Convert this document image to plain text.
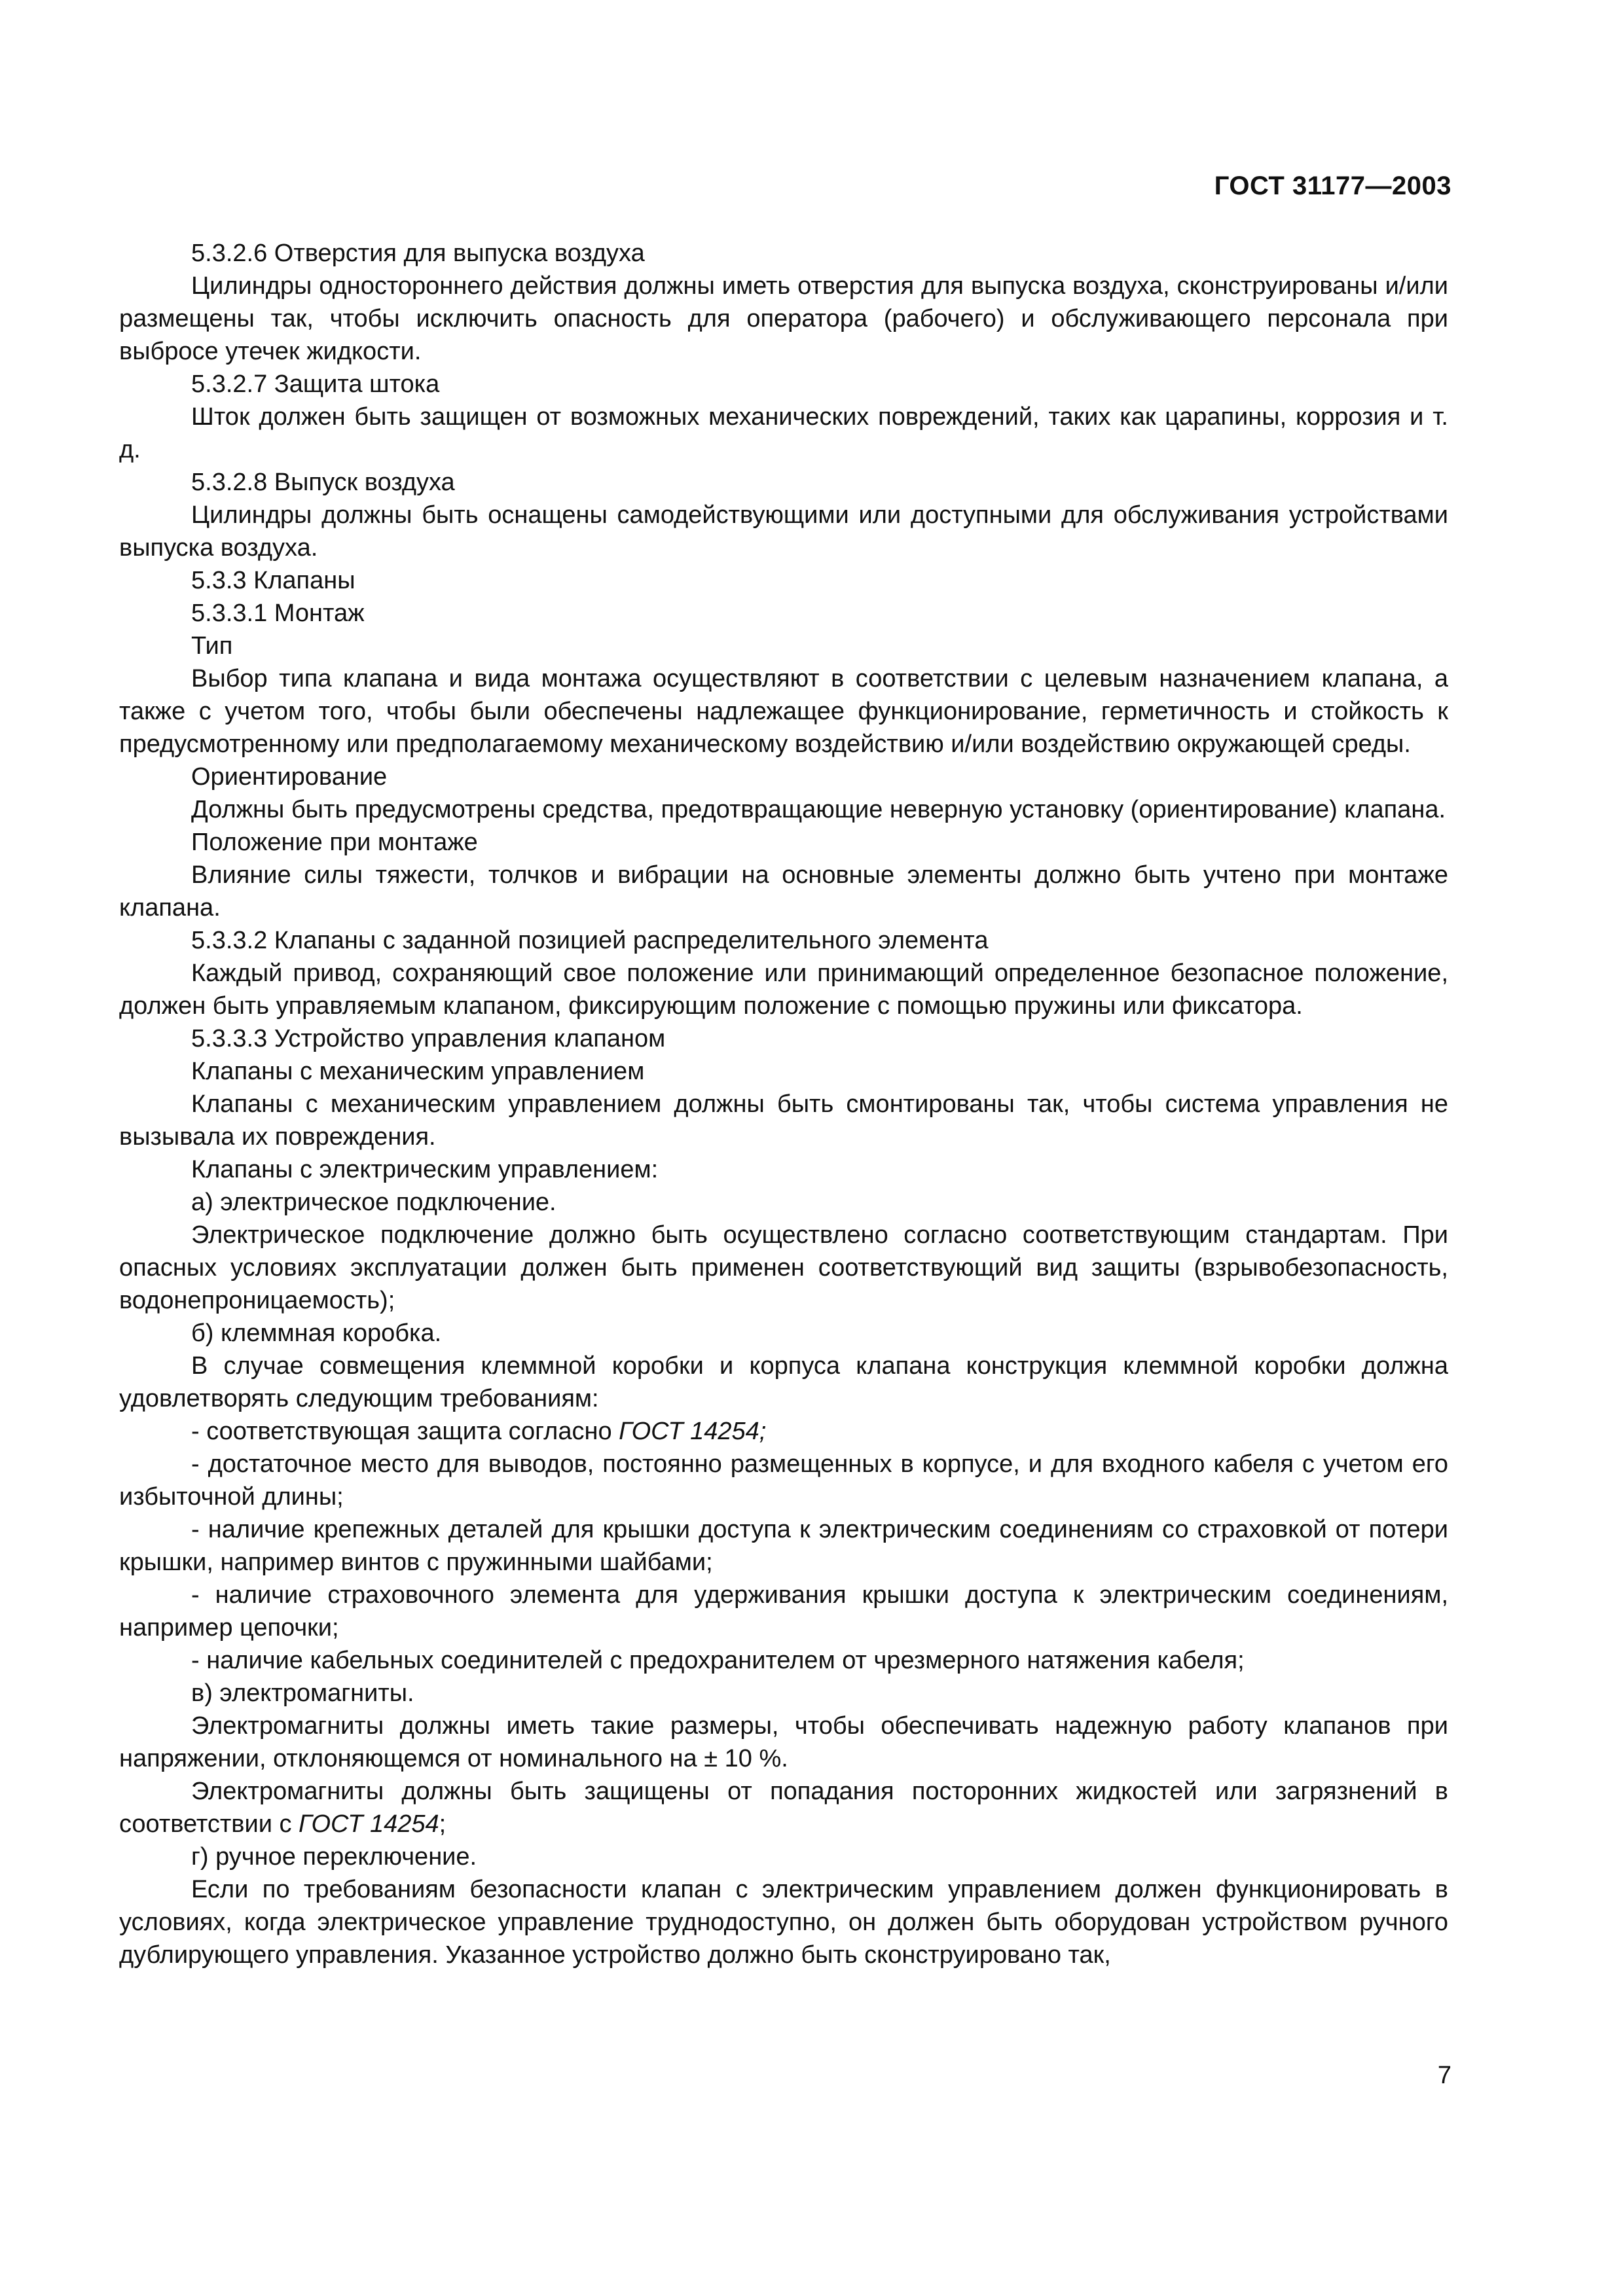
ГОСТ 31177—2003

5.3.2.6 Отверстия для выпуска воздуха

Цилиндры одностороннего действия должны иметь отверстия для выпуска воздуха, сконструированы и/или размещены так, чтобы исключить опасность для оператора (рабочего) и обслуживающего персонала при выбросе утечек жидкости.

5.3.2.7 Защита штока

Шток должен быть защищен от возможных механических повреждений, таких как царапины, коррозия и т. д.

5.3.2.8 Выпуск воздуха

Цилиндры должны быть оснащены самодействующими или доступными для обслуживания устройствами выпуска воздуха.

5.3.3 Клапаны

5.3.3.1 Монтаж

Тип

Выбор типа клапана и вида монтажа осуществляют в соответствии с целевым назначением клапана, а также с учетом того, чтобы были обеспечены надлежащее функционирование, герметичность и стойкость к предусмотренному или предполагаемому механическому воздействию и/или воздействию окружающей среды.

Ориентирование

Должны быть предусмотрены средства, предотвращающие неверную установку (ориентирование) клапана.

Положение при монтаже

Влияние силы тяжести, толчков и вибрации на основные элементы должно быть учтено при монтаже клапана.

5.3.3.2 Клапаны с заданной позицией распределительного элемента

Каждый привод, сохраняющий свое положение или принимающий определенное безопасное положение, должен быть управляемым клапаном, фиксирующим положение с помощью пружины или фиксатора.

5.3.3.3 Устройство управления клапаном

Клапаны с механическим управлением

Клапаны с механическим управлением должны быть смонтированы так, чтобы система управления не вызывала их повреждения.

Клапаны с электрическим управлением:

а) электрическое подключение.

Электрическое подключение должно быть осуществлено согласно соответствующим стандартам. При опасных условиях эксплуатации должен быть применен соответствующий вид защиты (взрывобезопасность, водонепроницаемость);

б) клеммная коробка.

В случае совмещения клеммной коробки и корпуса клапана конструкция клеммной коробки должна удовлетворять следующим требованиям:

- соответствующая защита согласно ГОСТ 14254;

- достаточное место для выводов, постоянно размещенных в корпусе, и для входного кабеля с учетом его избыточной длины;

- наличие крепежных деталей для крышки доступа к электрическим соединениям со страховкой от потери крышки, например винтов с пружинными шайбами;

- наличие страховочного элемента для удерживания крышки доступа к электрическим соединениям, например цепочки;

- наличие кабельных соединителей с предохранителем от чрезмерного натяжения кабеля;

в) электромагниты.

Электромагниты должны иметь такие размеры, чтобы обеспечивать надежную работу клапанов при напряжении, отклоняющемся от номинального на ± 10 %.

Электромагниты должны быть защищены от попадания посторонних жидкостей или загрязнений в соответствии с ГОСТ 14254;

г) ручное переключение.

Если по требованиям безопасности клапан с электрическим управлением должен функционировать в условиях, когда электрическое управление труднодоступно, он должен быть оборудован устройством ручного дублирующего управления. Указанное устройство должно быть сконструировано так,

7
